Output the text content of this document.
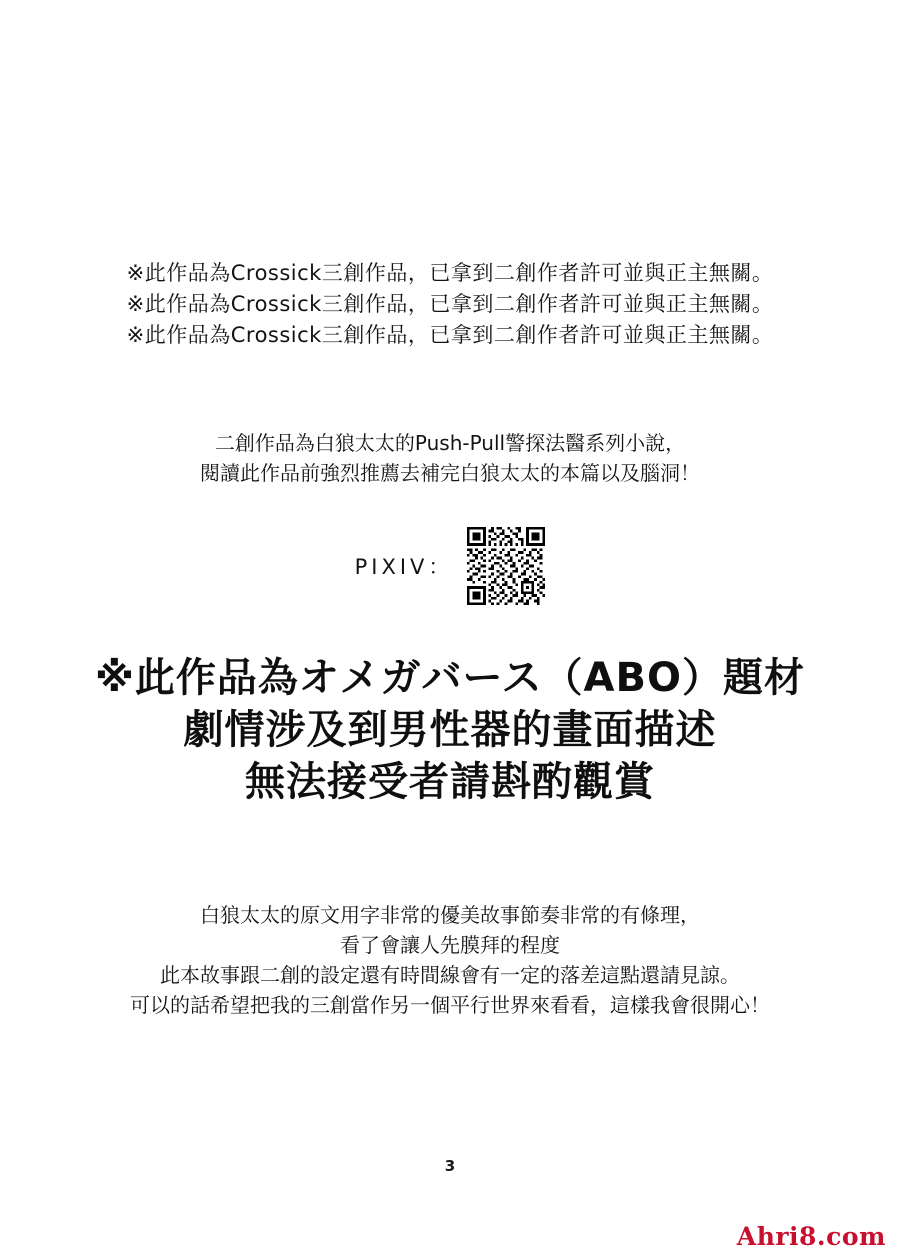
※此作品為Crossick三創作品，已拿到二創作者許可並與正主無關。
※此作品為Crossick三創作品，已拿到二創作者許可並與正主無關。
※此作品為Crossick三創作品，已拿到二創作者許可並與正主無關。
二創作品為白狼太太的Push-Pull警探法醫系列小說，
閱讀此作品前強烈推薦去補完白狼太太的本篇以及腦洞！
PIXIV：
※此作品為オメガバース（ABO）題材
劇情涉及到男性器的畫面描述
無法接受者請斟酌觀賞
白狼太太的原文用字非常的優美故事節奏非常的有條理，
看了會讓人先膜拜的程度
此本故事跟二創的設定還有時間線會有一定的落差這點還請見諒。
可以的話希望把我的三創當作另一個平行世界來看看，這樣我會很開心！
3
Ahri8.com
